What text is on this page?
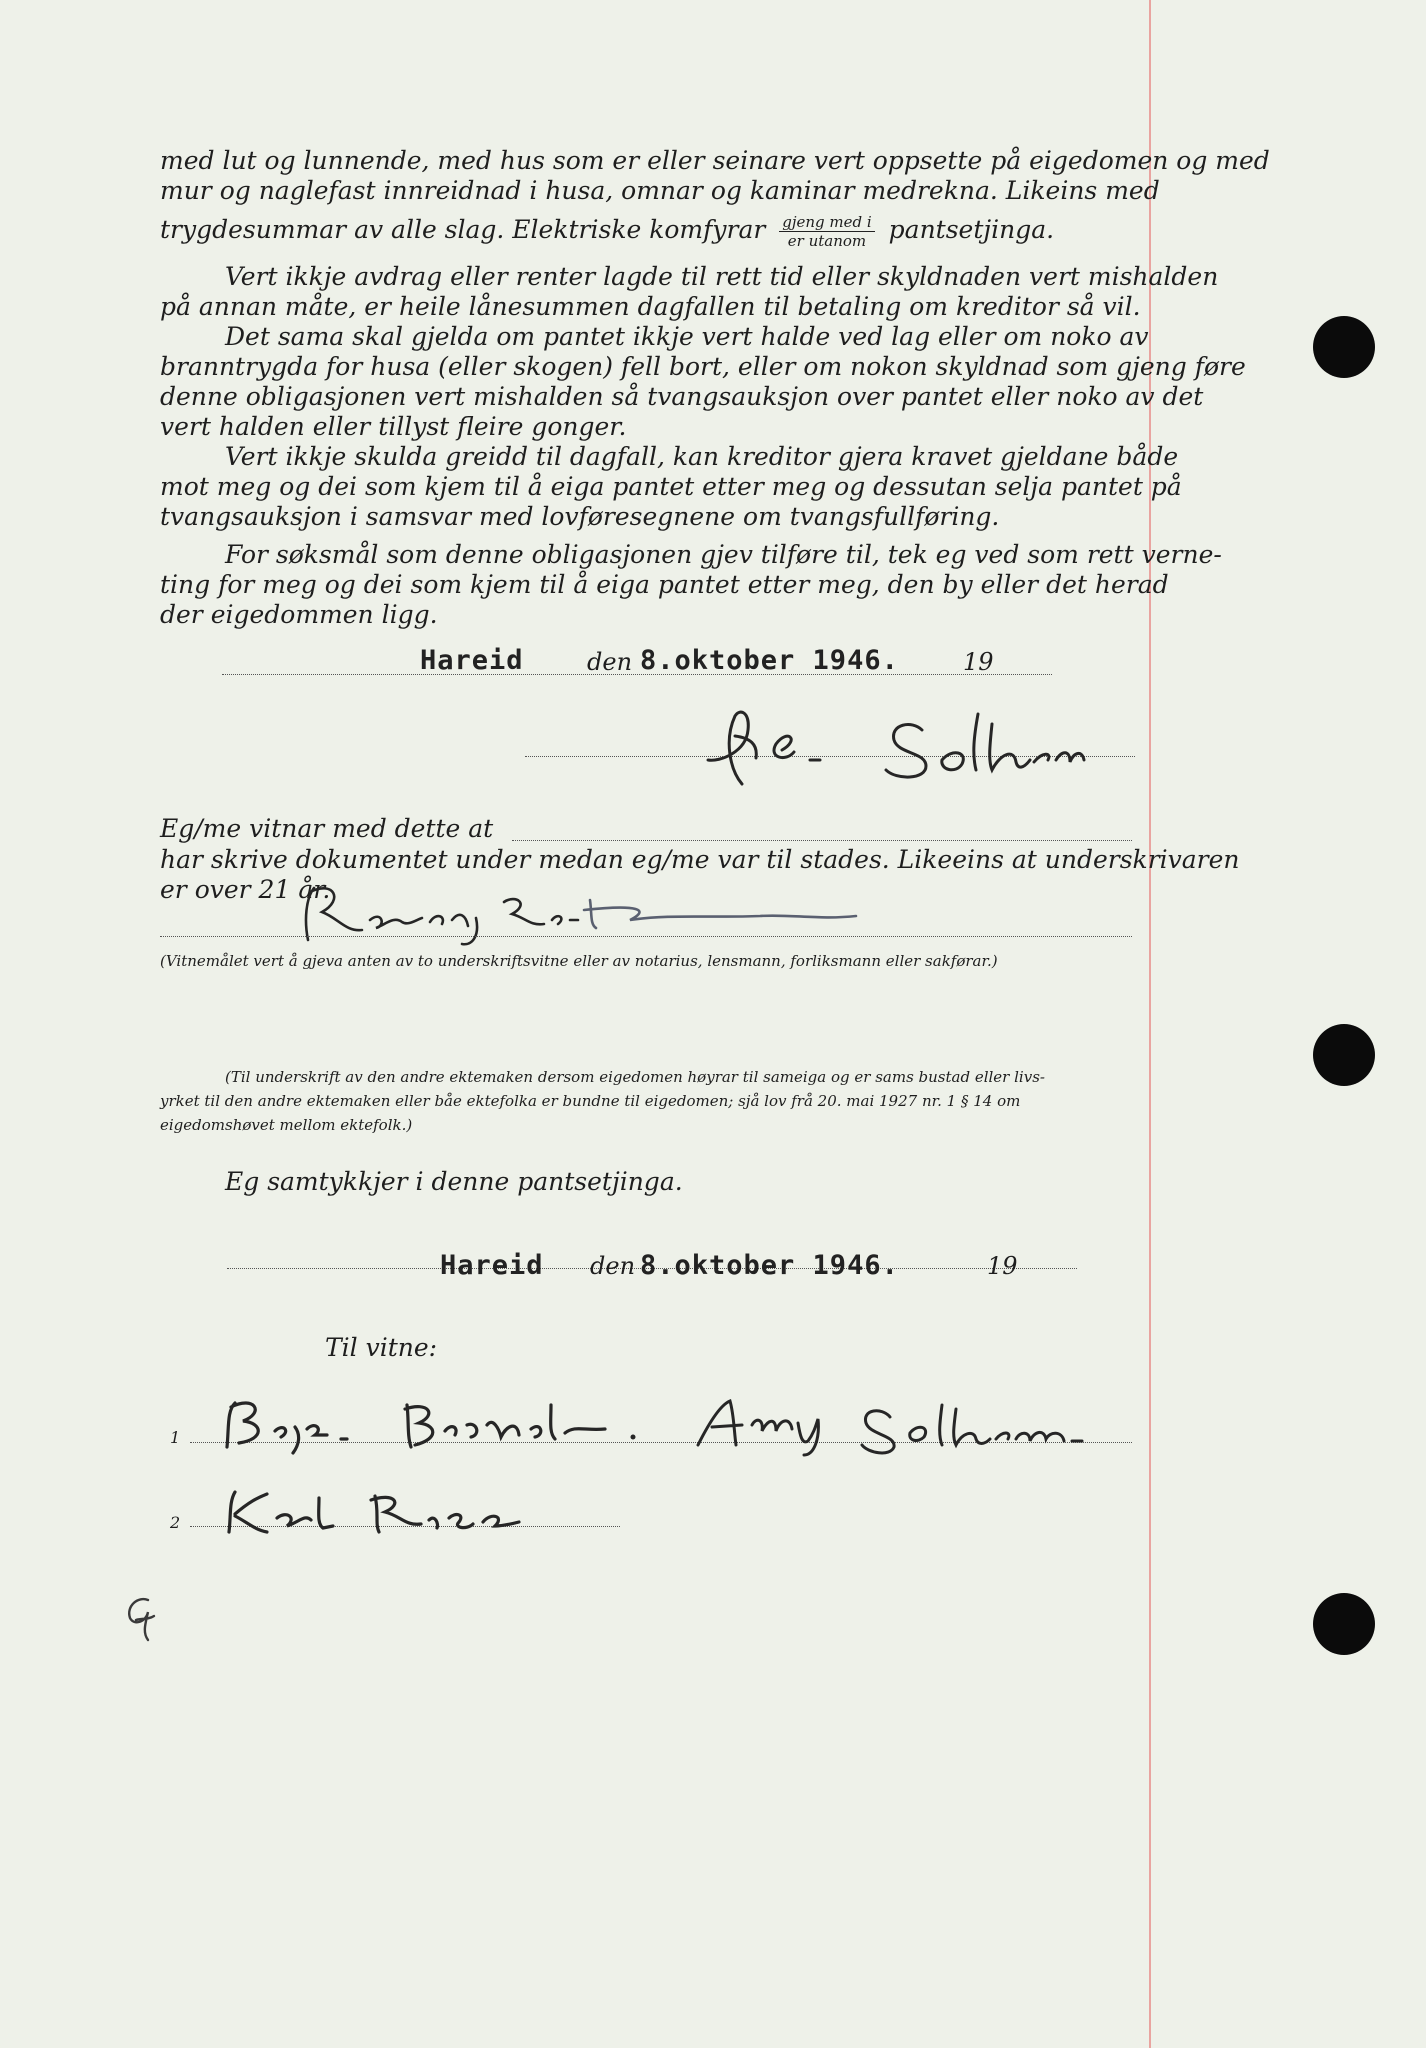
med lut og lunnende, med hus som er eller seinare vert oppsette på eigedomen og med
mur og naglefast innreidnad i husa, omnar og kaminar medrekna. Likeins med
trygdesummar av alle slag. Elektriske komfyrar $\frac{\text{gjeng med i}}{\text{er utanom}}$ pantsetjinga.
Vert ikkje avdrag eller renter lagde til rett tid eller skyldnaden vert mishalden
på annan måte, er heile lånesummen dagfallen til betaling om kreditor så vil.
Det sama skal gjelda om pantet ikkje vert halde ved lag eller om noko av
branntrygda for husa (eller skogen) fell bort, eller om nokon skyldnad som gjeng føre
denne obligasjonen vert mishalden så tvangsauksjon over pantet eller noko av det
vert halden eller tillyst fleire gonger.
Vert ikkje skulda greidd til dagfall, kan kreditor gjera kravet gjeldane både
mot meg og dei som kjem til å eiga pantet etter meg og dessutan selja pantet på
tvangsauksjon i samsvar med lovføresegnene om tvangsfullføring.
For søksmål som denne obligasjonen gjev tilføre til, tek eg ved som rett verne-
ting for meg og dei som kjem til å eiga pantet etter meg, den by eller det herad
der eigedommen ligg.
Hareid	den 8.oktober 1946.	19
Eg/me vitnar med dette at
har skrive dokumentet under medan eg/me var til stades. Likeeins at underskrivaren
er over 21 år.
(Vitnemålet vert å gjeva anten av to underskriftsvitne eller av notarius, lensmann, forliksmann eller sakførar.)
(Til underskrift av den andre ektemaken dersom eigedomen høyrar til sameiga og er sams bustad eller livs-
yrket til den andre ektemaken eller båe ektefolka er bundne til eigedomen; sjå lov frå 20. mai 1927 nr. 1 § 14 om
eigedomshøvet mellom ektefolk.)
Eg samtykkjer i denne pantsetjinga.
Hareid den 8.oktober 1946.	19
Til vitne:
1
2
